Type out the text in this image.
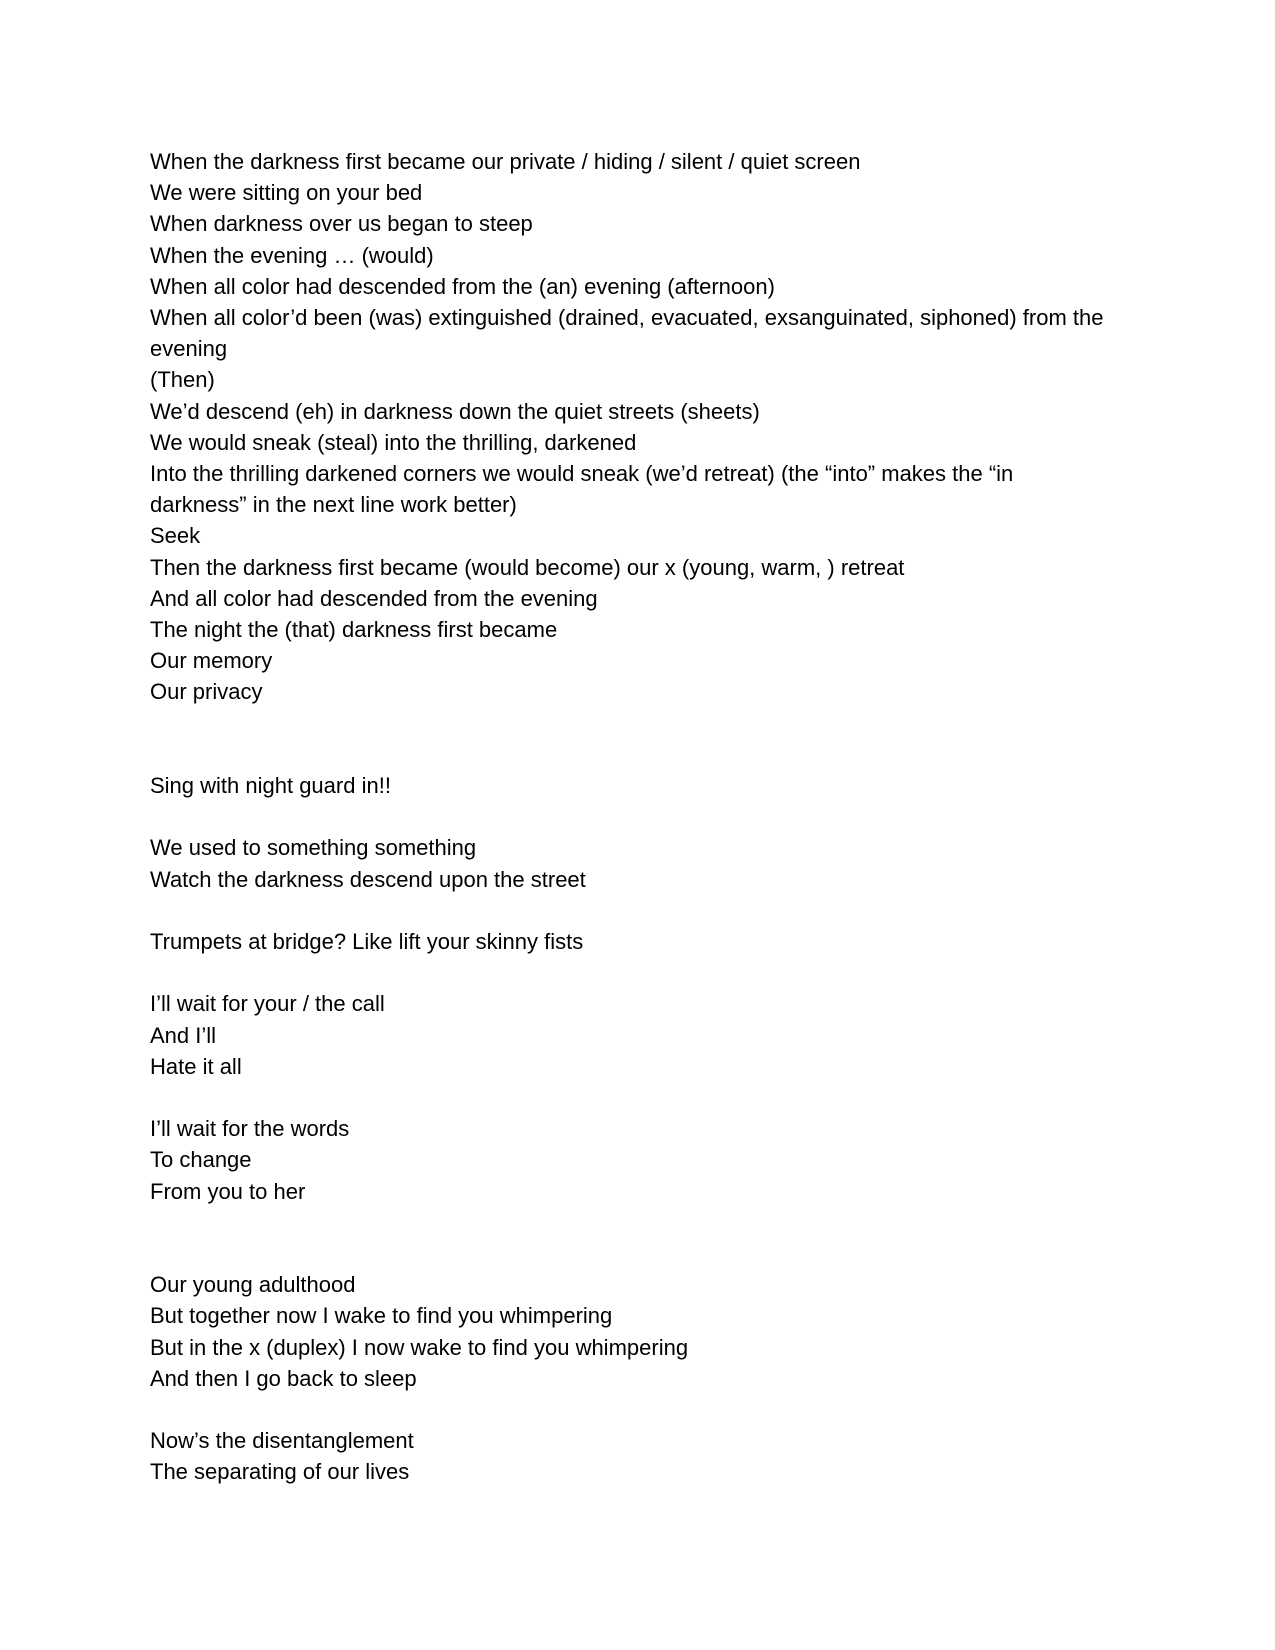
When the darkness first became our private / hiding / silent / quiet screen
We were sitting on your bed
When darkness over us began to steep
When the evening … (would)
When all color had descended from the (an) evening (afternoon)
When all color’d been (was) extinguished (drained, evacuated, exsanguinated, siphoned) from the evening
(Then)
We’d descend (eh) in darkness down the quiet streets (sheets)
We would sneak (steal) into the thrilling, darkened
Into the thrilling darkened corners we would sneak (we’d retreat) (the “into” makes the “in darkness” in the next line work better)
Seek
Then the darkness first became (would become) our x (young, warm, ) retreat
And all color had descended from the evening
The night the (that) darkness first became
Our memory
Our privacy
Sing with night guard in!!
We used to something something
Watch the darkness descend upon the street
Trumpets at bridge? Like lift your skinny fists
I’ll wait for your / the call
And I’ll
Hate it all
I’ll wait for the words
To change
From you to her
Our young adulthood
But together now I wake to find you whimpering
But in the x (duplex) I now wake to find you whimpering
And then I go back to sleep
Now’s the disentanglement
The separating of our lives
